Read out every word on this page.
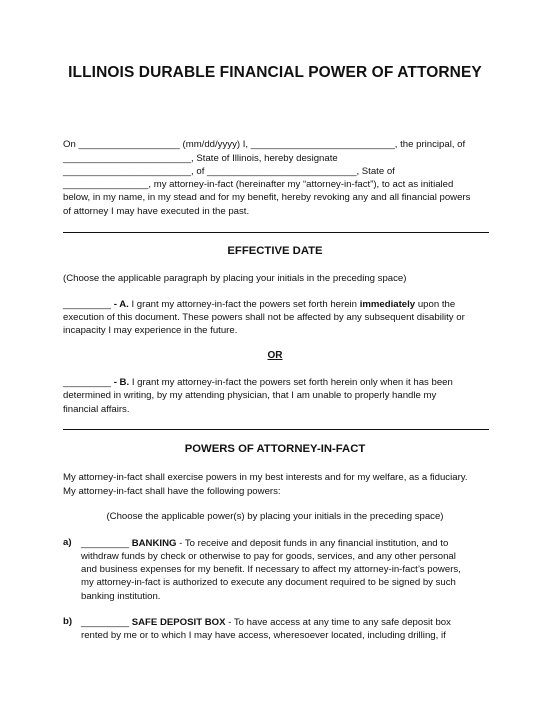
ILLINOIS DURABLE FINANCIAL POWER OF ATTORNEY
On ___________________ (mm/dd/yyyy) I, ___________________________, the principal, of
________________________, State of Illinois, hereby designate
________________________, of ____________________________, State of
________________, my attorney-in-fact (hereinafter my “attorney-in-fact”), to act as initialed
below, in my name, in my stead and for my benefit, hereby revoking any and all financial powers
of attorney I may have executed in the past.
EFFECTIVE DATE
(Choose the applicable paragraph by placing your initials in the preceding space)
_________ - A. I grant my attorney-in-fact the powers set forth herein immediately upon the
execution of this document. These powers shall not be affected by any subsequent disability or
incapacity I may experience in the future.
OR
_________ - B. I grant my attorney-in-fact the powers set forth herein only when it has been
determined in writing, by my attending physician, that I am unable to properly handle my
financial affairs.
POWERS OF ATTORNEY-IN-FACT
My attorney-in-fact shall exercise powers in my best interests and for my welfare, as a fiduciary.
My attorney-in-fact shall have the following powers:
(Choose the applicable power(s) by placing your initials in the preceding space)
a) _________ BANKING - To receive and deposit funds in any financial institution, and to
withdraw funds by check or otherwise to pay for goods, services, and any other personal
and business expenses for my benefit. If necessary to affect my attorney-in-fact’s powers,
my attorney-in-fact is authorized to execute any document required to be signed by such
banking institution.
b) _________ SAFE DEPOSIT BOX - To have access at any time to any safe deposit box
rented by me or to which I may have access, wheresoever located, including drilling, if
